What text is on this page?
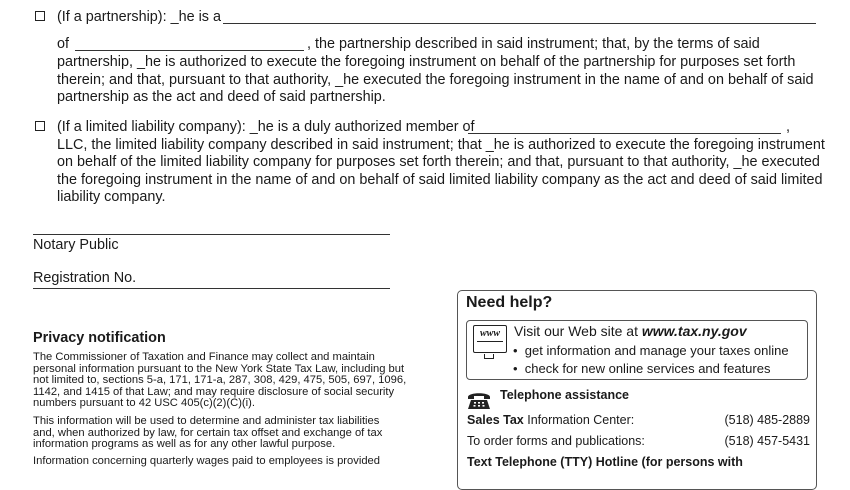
(If a partnership): _he is a
of	, the partnership described in said instrument; that, by the terms of said
partnership, _he is authorized to execute the foregoing instrument on behalf of the partnership for purposes set forth
therein; and that, pursuant to that authority, _he executed the foregoing instrument in the name of and on behalf of said
partnership as the act and deed of said partnership.
(If a limited liability company): _he is a duly authorized member of	,
LLC, the limited liability company described in said instrument; that _he is authorized to execute the foregoing instrument
on behalf of the limited liability company for purposes set forth therein; and that, pursuant to that authority, _he executed
the foregoing instrument in the name of and on behalf of said limited liability company as the act and deed of said limited
liability company.
Notary Public
Registration No.
Privacy notification
The Commissioner of Taxation and Finance may collect and maintain
personal information pursuant to the New York State Tax Law, including but
not limited to, sections 5-a, 171, 171-a, 287, 308, 429, 475, 505, 697, 1096,
1142, and 1415 of that Law; and may require disclosure of social security
numbers pursuant to 42 USC 405(c)(2)(C)(i).
This information will be used to determine and administer tax liabilities
and, when authorized by law, for certain tax offset and exchange of tax
information programs as well as for any other lawful purpose.
Information concerning quarterly wages paid to employees is provided
Need help?
www	Visit our Web site at www.tax.ny.gov
•  get information and manage your taxes online
•  check for new online services and features
Telephone assistance
Sales Tax Information Center:	(518) 485-2889
To order forms and publications:	(518) 457-5431
Text Telephone (TTY) Hotline (for persons with
